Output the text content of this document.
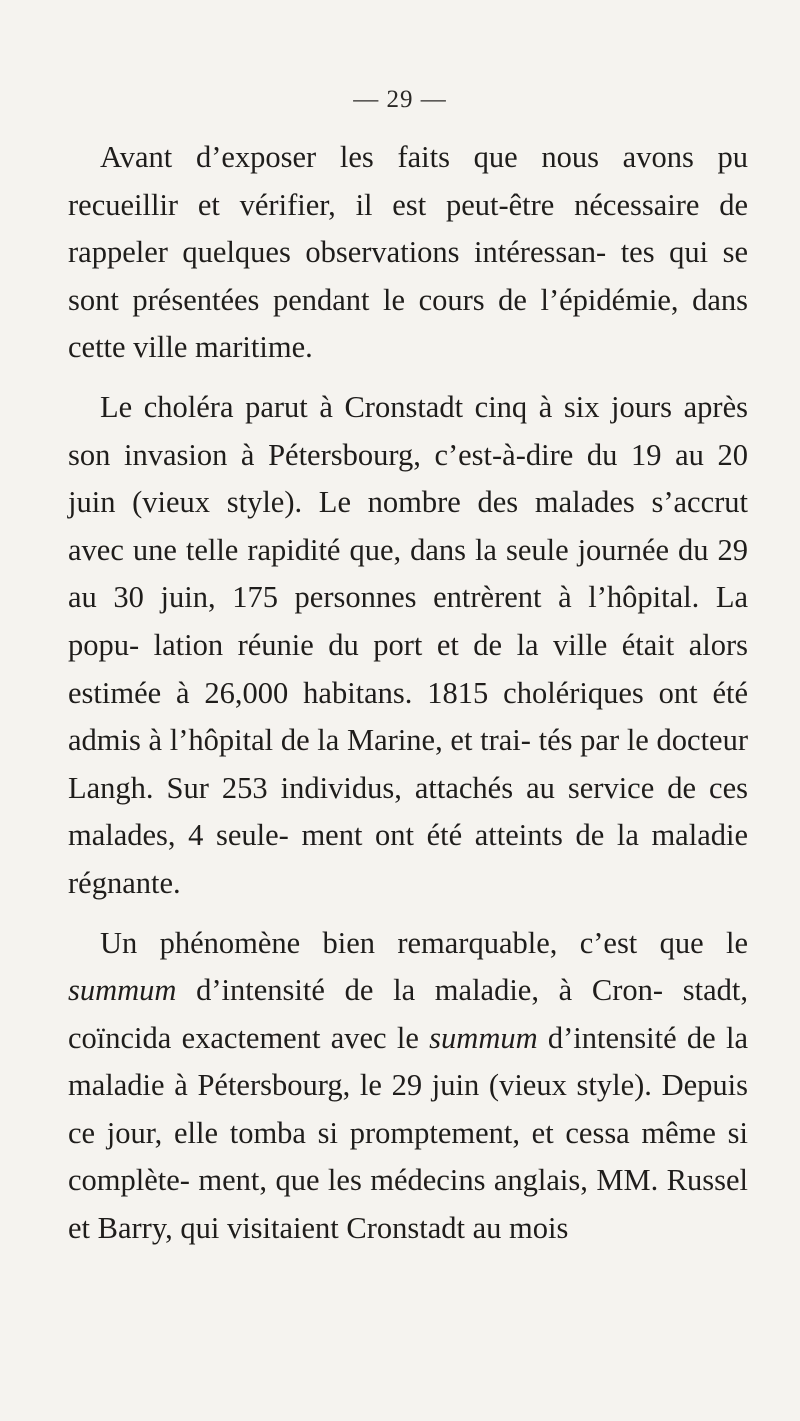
— 29 —

Avant d’exposer les faits que nous avons pu recueillir et vérifier, il est peut-être nécessaire de rappeler quelques observations intéressan- tes qui se sont présentées pendant le cours de l’épidémie, dans cette ville maritime.

Le choléra parut à Cronstadt cinq à six jours après son invasion à Pétersbourg, c’est-à-dire du 19 au 20 juin (vieux style). Le nombre des malades s’accrut avec une telle rapidité que, dans la seule journée du 29 au 30 juin, 175 personnes entrèrent à l’hôpital. La popu- lation réunie du port et de la ville était alors estimée à 26,000 habitans. 1815 cholériques ont été admis à l’hôpital de la Marine, et trai- tés par le docteur Langh. Sur 253 individus, attachés au service de ces malades, 4 seule- ment ont été atteints de la maladie régnante.

Un phénomène bien remarquable, c’est que le summum d’intensité de la maladie, à Cron- stadt, coïncida exactement avec le summum d’intensité de la maladie à Pétersbourg, le 29 juin (vieux style). Depuis ce jour, elle tomba si promptement, et cessa même si complète- ment, que les médecins anglais, MM. Russel et Barry, qui visitaient Cronstadt au mois
